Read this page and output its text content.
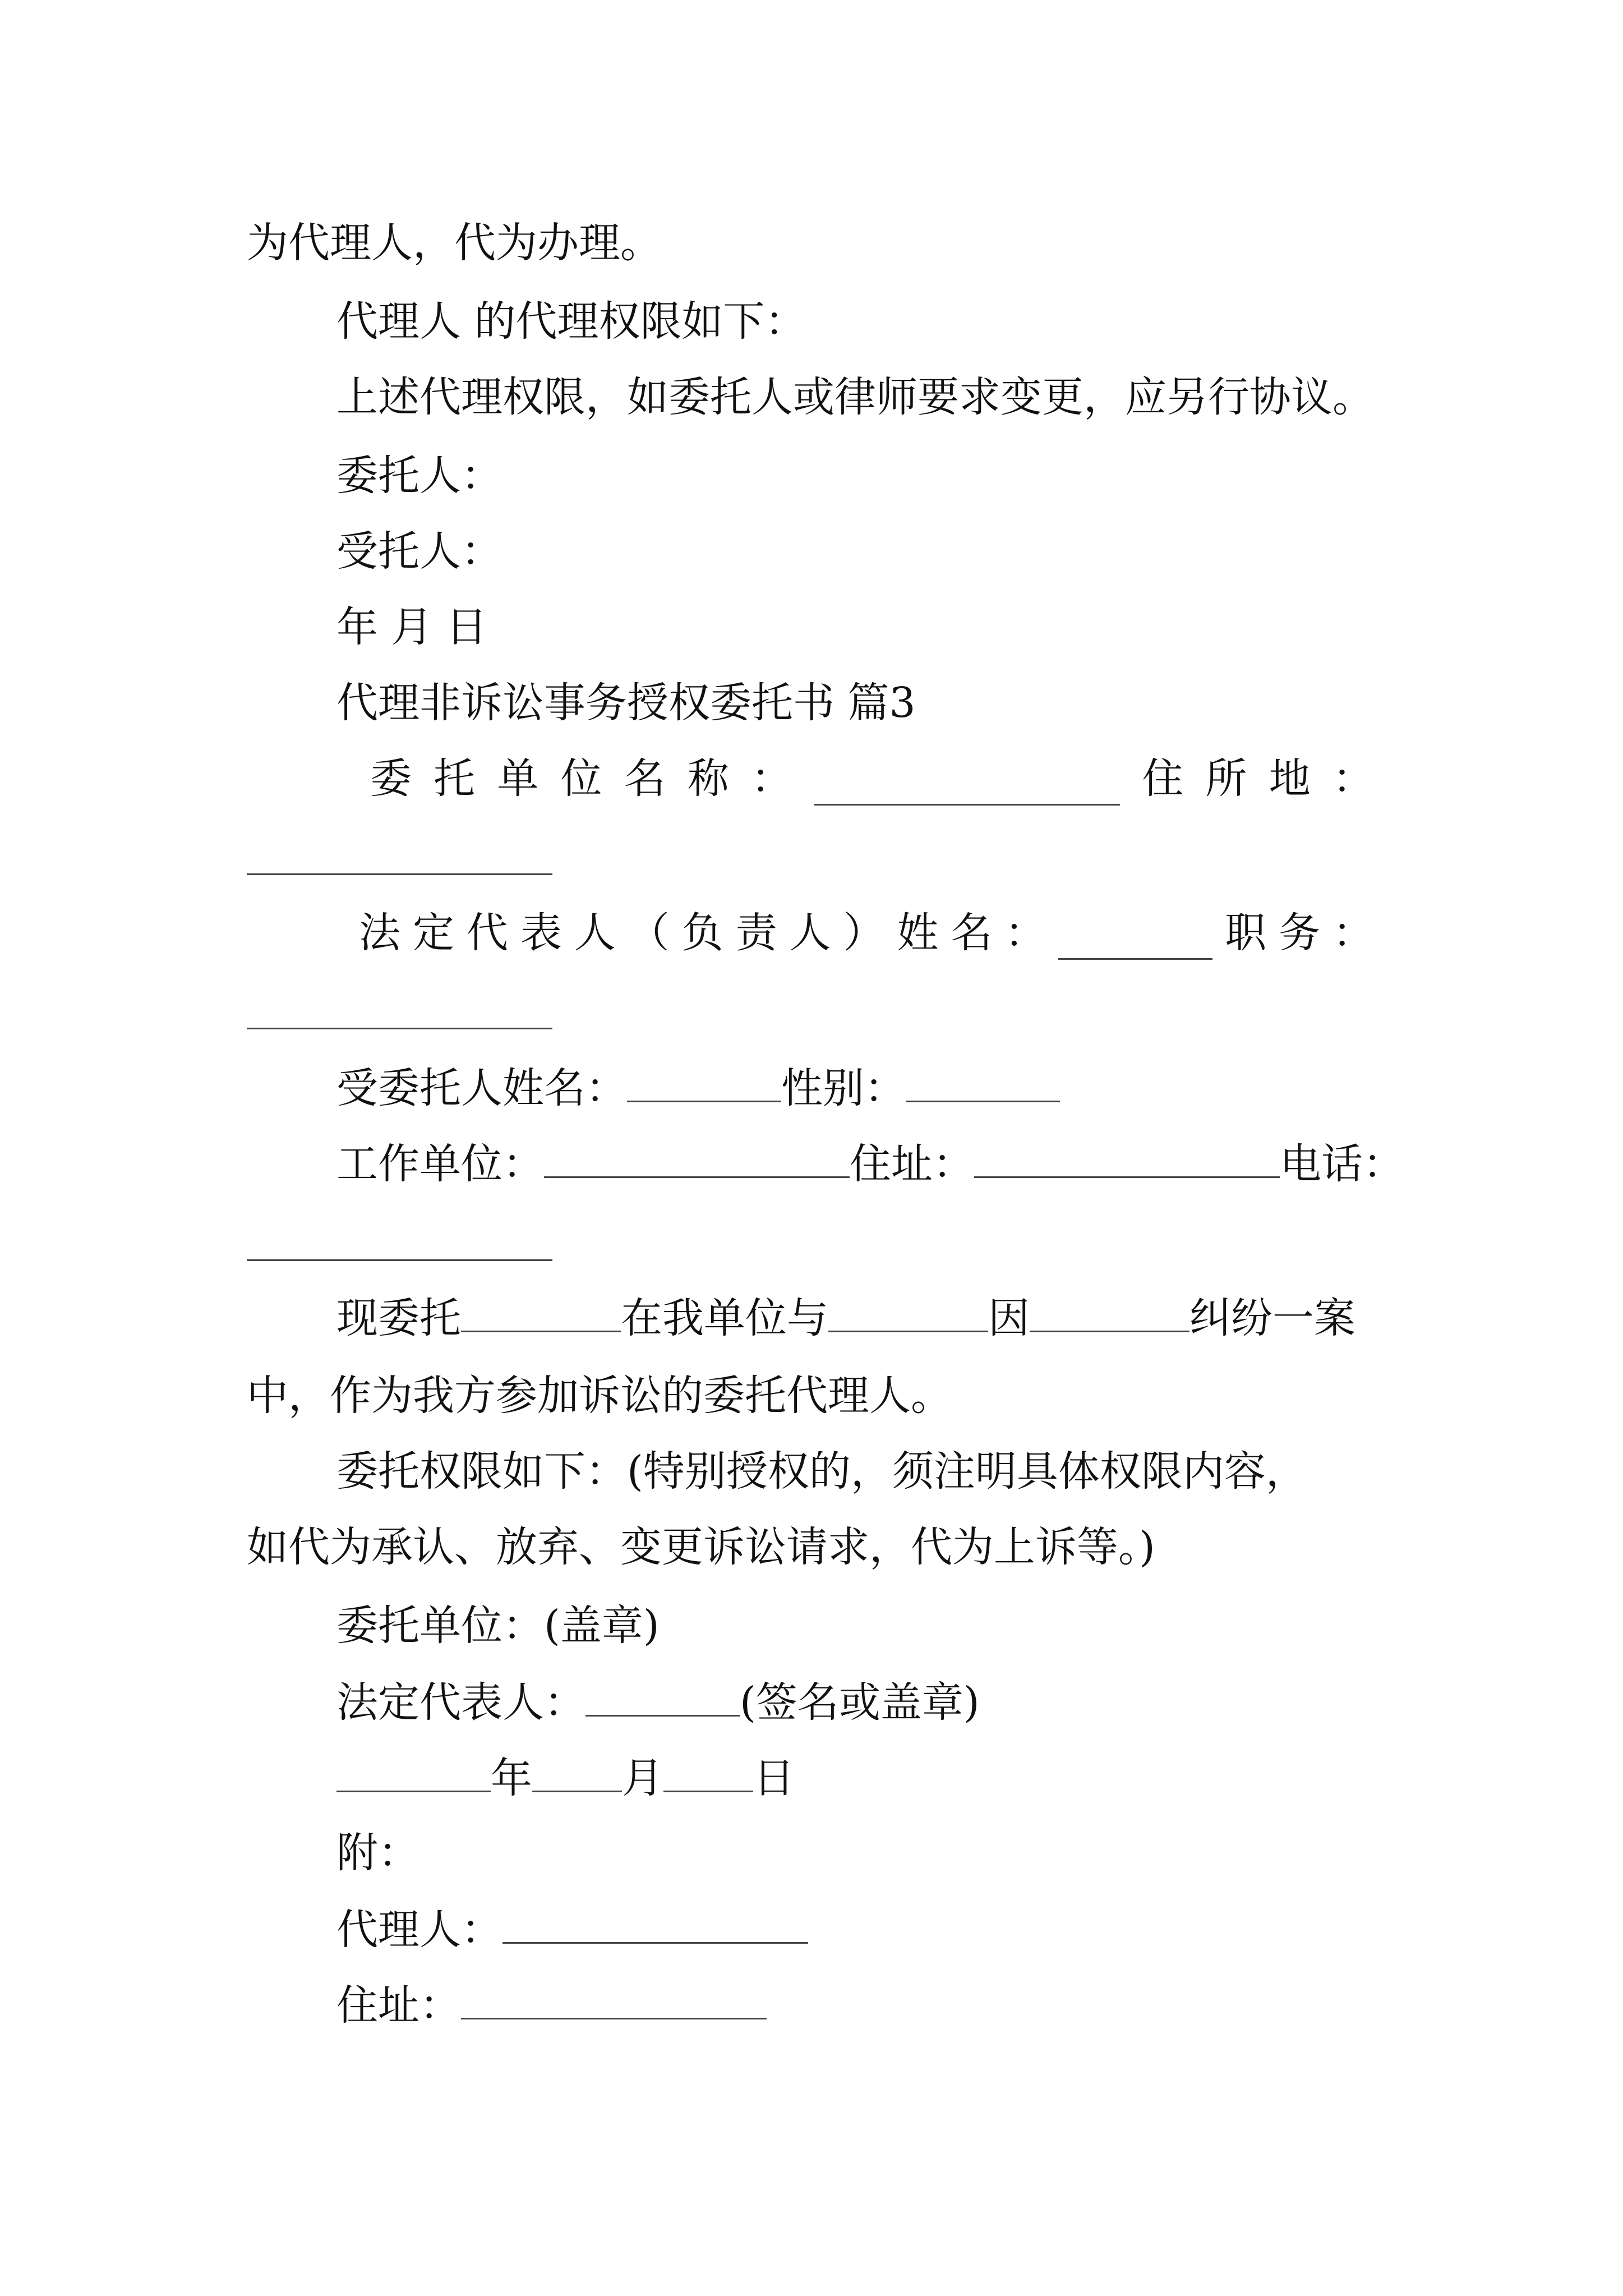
为代理人，代为办理。
代理人 的代理权限如下：
上述代理权限，如委托人或律师要求变更，应另行协议。
委托人：
受托人：
年 月 日
代理非诉讼事务授权委托书 篇3
委 托 单 位 名 称 ：	住 所 地 ：
法 定 代 表 人 （ 负 责 人 ） 姓 名 ：	职 务 ：
受委托人姓名：	性别：
工作单位：	住址：	电话：
现委托	在我单位与	因	纠纷一案
中，作为我方参加诉讼的委托代理人。
委托权限如下：(特别授权的，须注明具体权限内容，
如代为承认、放弃、变更诉讼请求，代为上诉等。)
委托单位：(盖章)
法定代表人：	(签名或盖章)
年 月 日
附：
代理人：
住址：
